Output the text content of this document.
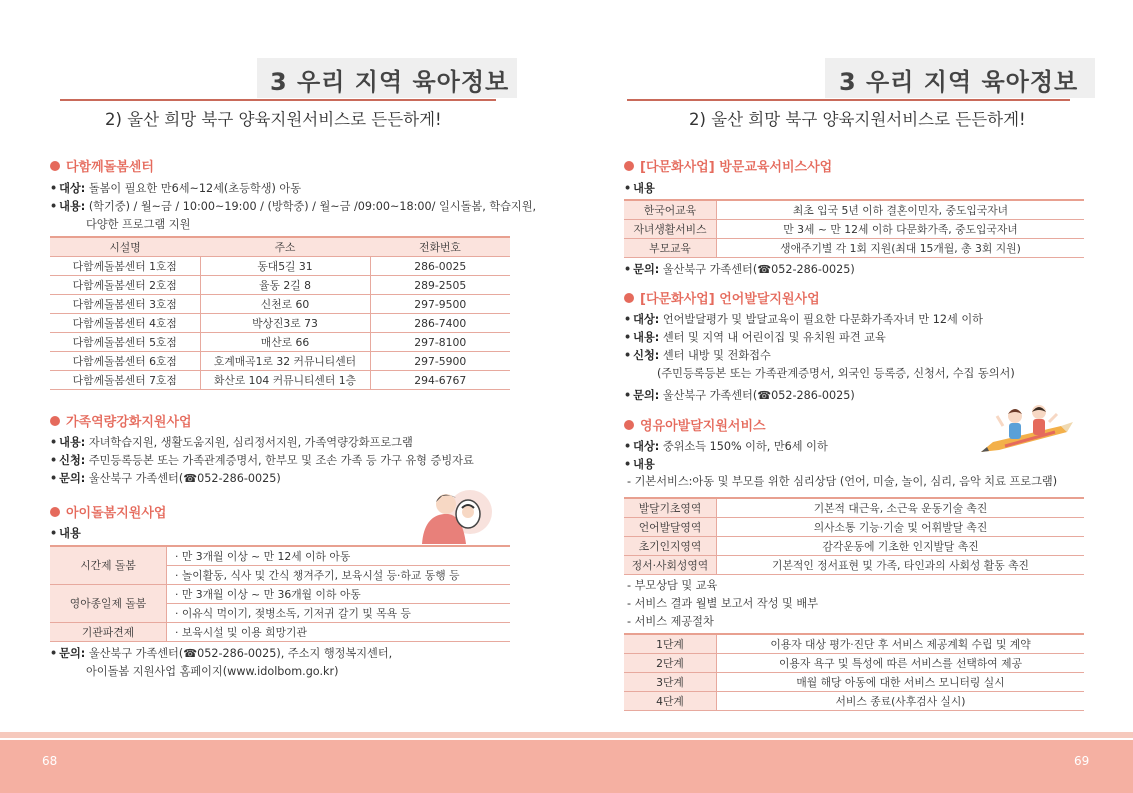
3 우리 지역 육아정보
2) 울산 희망 북구 양육지원서비스로 든든하게!
다함께돌봄센터
• 대상: 돌봄이 필요한 만6세~12세(초등학생) 아동
• 내용: (학기중) / 월~금 / 10:00~19:00 / (방학중) / 월~금 /09:00~18:00/ 일시돌봄, 학습지원,
다양한 프로그램 지원
시설명	주소	전화번호
다함께돌봄센터 1호점	동대5길 31	286-0025
다함께돌봄센터 2호점	율동 2길 8	289-2505
다함께돌봄센터 3호점	신천로 60	297-9500
다함께돌봄센터 4호점	박상진3로 73	286-7400
다함께돌봄센터 5호점	매산로 66	297-8100
다함께돌봄센터 6호점	호계매곡1로 32 커뮤니티센터	297-5900
다함께돌봄센터 7호점	화산로 104 커뮤니티센터 1층	294-6767
가족역량강화지원사업
• 내용: 자녀학습지원, 생활도움지원, 심리정서지원, 가족역량강화프로그램
• 신청: 주민등록등본 또는 가족관계증명서, 한부모 및 조손 가족 등 가구 유형 증빙자료
• 문의: 울산북구 가족센터(☎052-286-0025)
아이돌봄지원사업
• 내용
시간제 돌봄	· 만 3개월 이상 ~ 만 12세 이하 아동
	· 놀이활동, 식사 및 간식 챙겨주기, 보육시설 등·하교 동행 등
영아종일제 돌봄	· 만 3개월 이상 ~ 만 36개월 이하 아동
	· 이유식 먹이기, 젖병소독, 기저귀 갈기 및 목욕 등
기관파견제	· 보육시설 및 이용 희망기관
• 문의: 울산북구 가족센터(☎052-286-0025), 주소지 행정복지센터,
아이돌봄 지원사업 홈페이지(www.idolbom.go.kr)
3 우리 지역 육아정보
2) 울산 희망 북구 양육지원서비스로 든든하게!
[다문화사업] 방문교육서비스사업
• 내용
한국어교육	최초 입국 5년 이하 결혼이민자, 중도입국자녀
자녀생활서비스	만 3세 ~ 만 12세 이하 다문화가족, 중도입국자녀
부모교육	생애주기별 각 1회 지원(최대 15개월, 총 3회 지원)
• 문의: 울산북구 가족센터(☎052-286-0025)
[다문화사업] 언어발달지원사업
• 대상: 언어발달평가 및 발달교육이 필요한 다문화가족자녀 만 12세 이하
• 내용: 센터 및 지역 내 어린이집 및 유치원 파견 교육
• 신청: 센터 내방 및 전화접수
(주민등록등본 또는 가족관계증명서, 외국인 등록증, 신청서, 수집 동의서)
• 문의: 울산북구 가족센터(☎052-286-0025)
영유아발달지원서비스
• 대상: 중위소득 150% 이하, 만6세 이하
• 내용
- 기본서비스:아동 및 부모를 위한 심리상담 (언어, 미술, 놀이, 심리, 음악 치료 프로그램)
발달기초영역	기본적 대근육, 소근육 운동기술 촉진
언어발달영역	의사소통 기능·기술 및 어휘발달 촉진
초기인지영역	감각운동에 기초한 인지발달 촉진
정서·사회성영역	기본적인 정서표현 및 가족, 타인과의 사회성 활동 촉진
- 부모상담 및 교육
- 서비스 결과 월별 보고서 작성 및 배부
- 서비스 제공절차
1단계	이용자 대상 평가·진단 후 서비스 제공계획 수립 및 계약
2단계	이용자 욕구 및 특성에 따른 서비스를 선택하여 제공
3단계	매월 해당 아동에 대한 서비스 모니터링 실시
4단계	서비스 종료(사후검사 실시)
68	69
